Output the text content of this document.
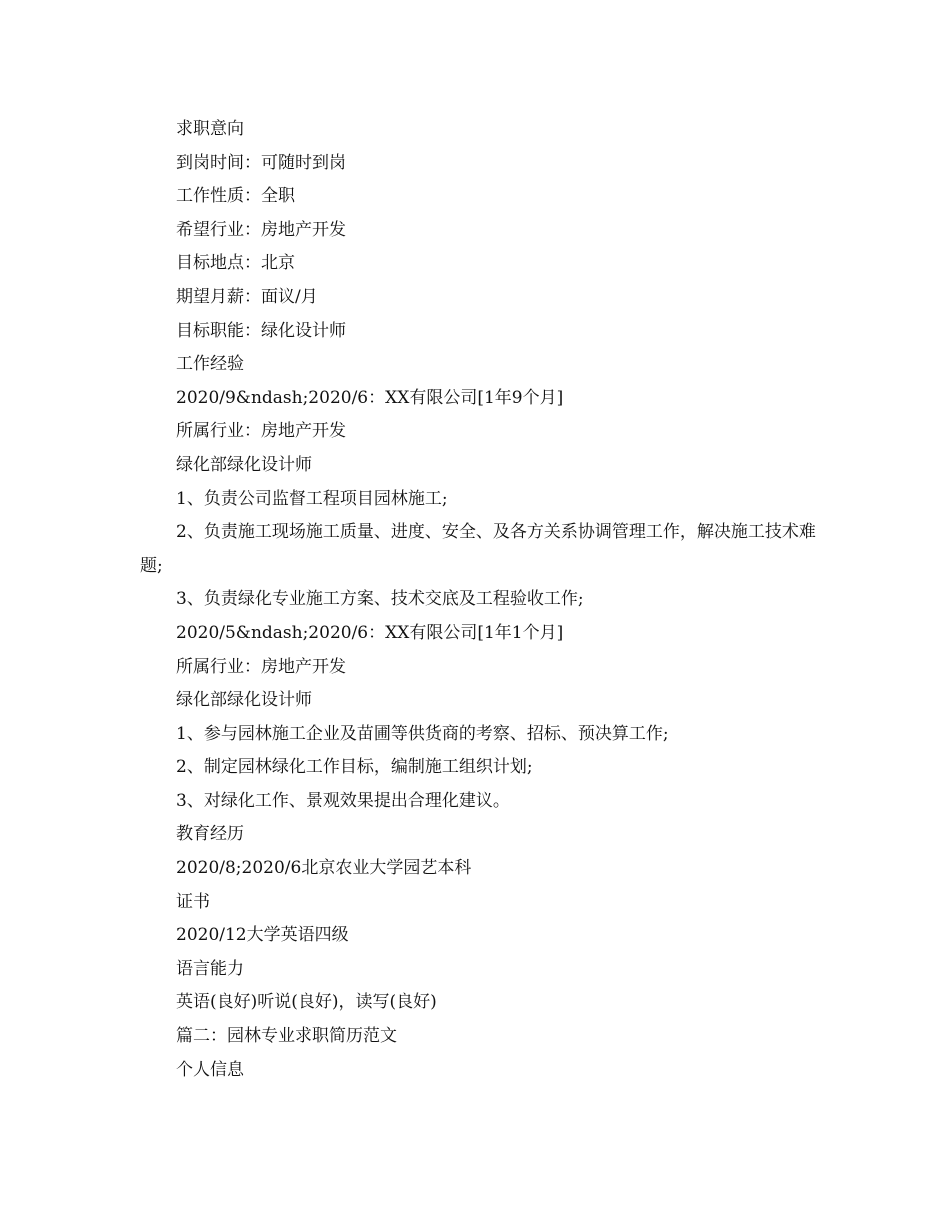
求职意向

到岗时间：可随时到岗

工作性质：全职

希望行业：房地产开发

目标地点：北京

期望月薪：面议/月

目标职能：绿化设计师

工作经验

2020/9&ndash;2020/6：XX有限公司[1年9个月]

所属行业：房地产开发

绿化部绿化设计师

1、负责公司监督工程项目园林施工;

2、负责施工现场施工质量、进度、安全、及各方关系协调管理工作，解决施工技术难题;

3、负责绿化专业施工方案、技术交底及工程验收工作;

2020/5&ndash;2020/6：XX有限公司[1年1个月]

所属行业：房地产开发

绿化部绿化设计师

1、参与园林施工企业及苗圃等供货商的考察、招标、预决算工作;

2、制定园林绿化工作目标，编制施工组织计划;

3、对绿化工作、景观效果提出合理化建议。

教育经历

2020/8;2020/6北京农业大学园艺本科

证书

2020/12大学英语四级

语言能力

英语(良好)听说(良好)，读写(良好)

篇二：园林专业求职简历范文

个人信息
